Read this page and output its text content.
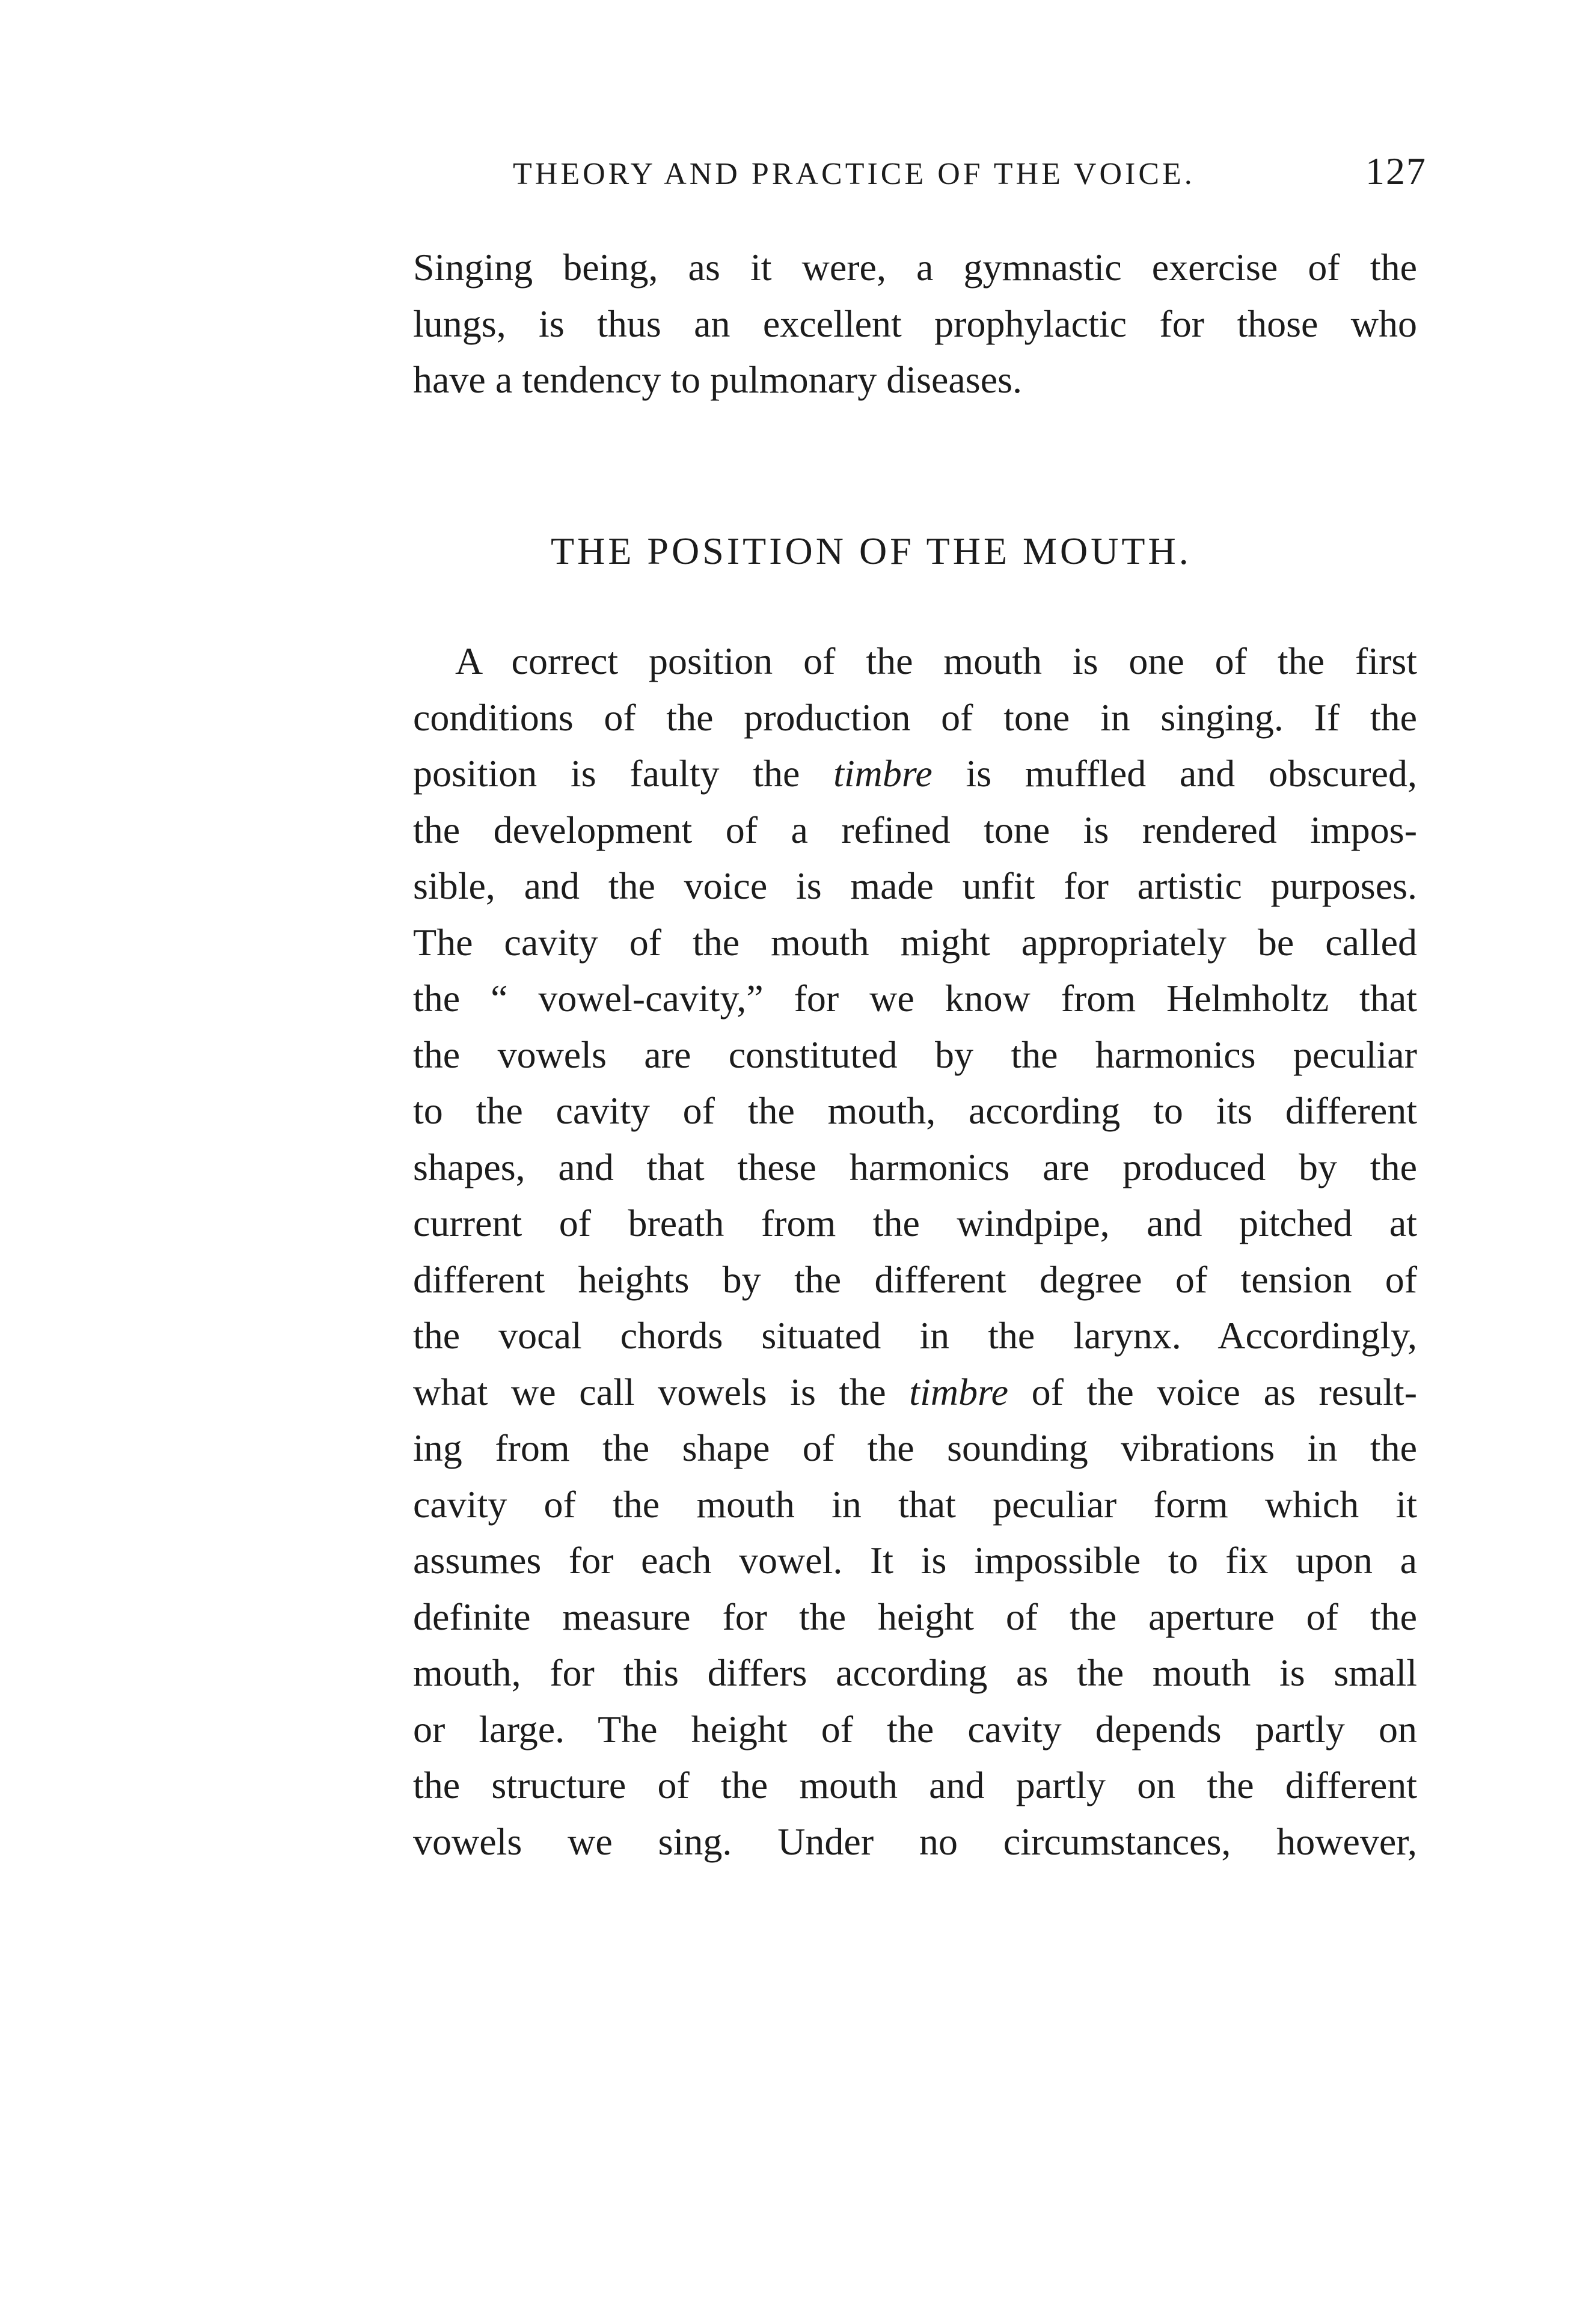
THEORY AND PRACTICE OF THE VOICE.	127
Singing being, as it were, a gymnastic exercise of the
lungs, is thus an excellent prophylactic for those who
have a tendency to pulmonary diseases.
THE POSITION OF THE MOUTH.
A correct position of the mouth is one of the first
conditions of the production of tone in singing. If the
position is faulty the timbre is muffled and obscured,
the development of a refined tone is rendered impos-
sible, and the voice is made unfit for artistic purposes.
The cavity of the mouth might appropriately be called
the “ vowel-cavity,” for we know from Helmholtz that
the vowels are constituted by the harmonics peculiar
to the cavity of the mouth, according to its different
shapes, and that these harmonics are produced by the
current of breath from the windpipe, and pitched at
different heights by the different degree of tension of
the vocal chords situated in the larynx. Accordingly,
what we call vowels is the timbre of the voice as result-
ing from the shape of the sounding vibrations in the
cavity of the mouth in that peculiar form which it
assumes for each vowel. It is impossible to fix upon a
definite measure for the height of the aperture of the
mouth, for this differs according as the mouth is small
or large. The height of the cavity depends partly on
the structure of the mouth and partly on the different
vowels we sing. Under no circumstances, however,
